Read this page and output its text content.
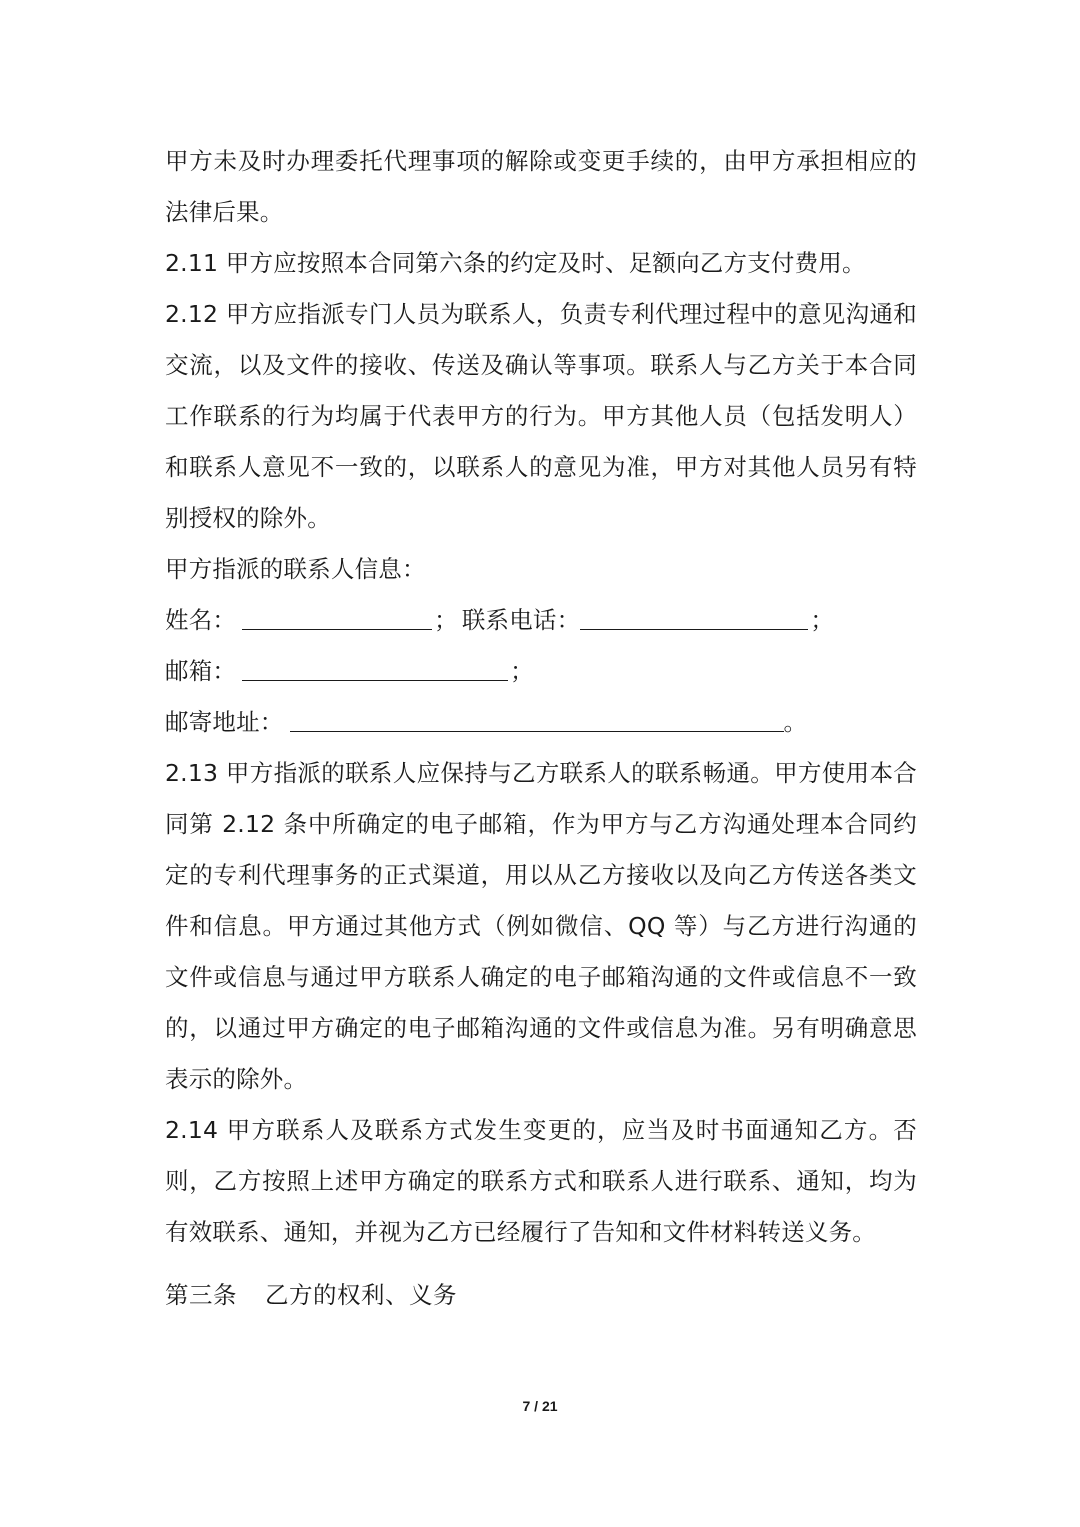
甲方未及时办理委托代理事项的解除或变更手续的，由甲方承担相应的法律后果。

2.11 甲方应按照本合同第六条的约定及时、足额向乙方支付费用。

2.12 甲方应指派专门人员为联系人，负责专利代理过程中的意见沟通和交流，以及文件的接收、传送及确认等事项。联系人与乙方关于本合同工作联系的行为均属于代表甲方的行为。甲方其他人员（包括发明人）和联系人意见不一致的，以联系人的意见为准，甲方对其他人员另有特别授权的除外。

甲方指派的联系人信息：

姓名：	； 联系电话：	；

邮箱：	；

邮寄地址：	。

2.13 甲方指派的联系人应保持与乙方联系人的联系畅通。甲方使用本合同第 2.12 条中所确定的电子邮箱，作为甲方与乙方沟通处理本合同约定的专利代理事务的正式渠道，用以从乙方接收以及向乙方传送各类文件和信息。甲方通过其他方式（例如微信、QQ 等）与乙方进行沟通的文件或信息与通过甲方联系人确定的电子邮箱沟通的文件或信息不一致的，以通过甲方确定的电子邮箱沟通的文件或信息为准。另有明确意思表示的除外。

2.14 甲方联系人及联系方式发生变更的，应当及时书面通知乙方。否则，乙方按照上述甲方确定的联系方式和联系人进行联系、通知，均为有效联系、通知，并视为乙方已经履行了告知和文件材料转送义务。

第三条 乙方的权利、义务

7 / 21
